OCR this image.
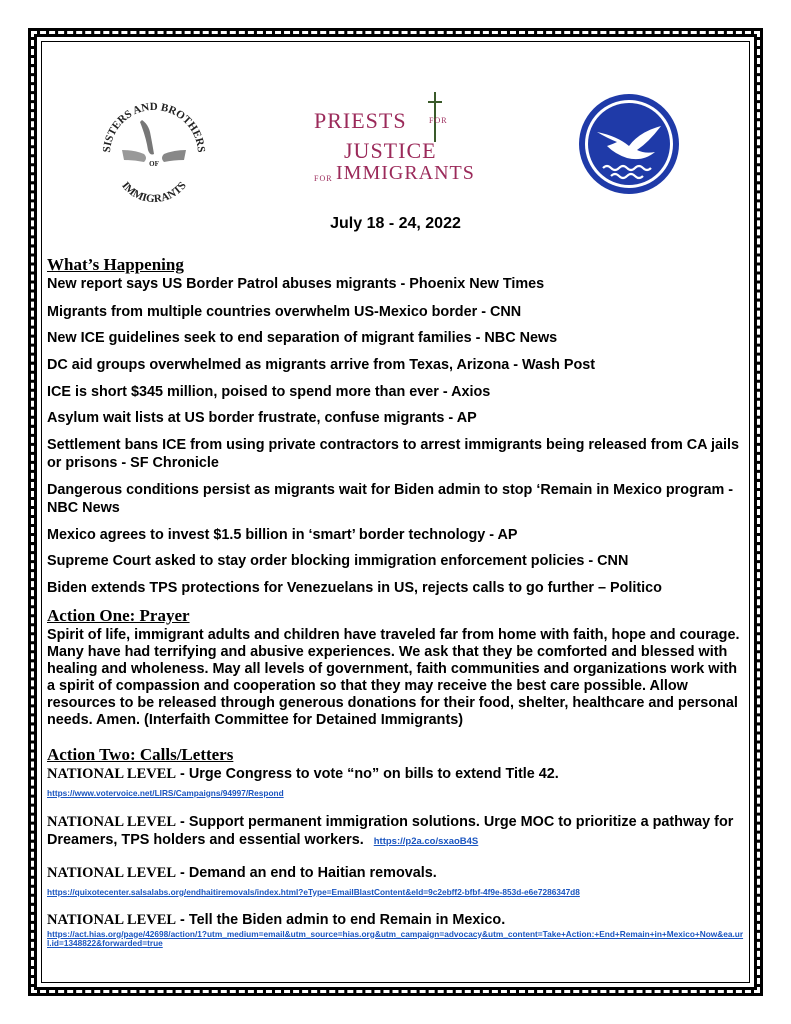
SISTERS AND BROTHERS
IMMIGRANTS
OF
PRIESTS	FOR
JUSTICE
FOR IMMIGRANTS
July 18 - 24, 2022
What’s Happening
New report says US Border Patrol abuses migrants - Phoenix New Times
Migrants from multiple countries overwhelm US-Mexico border - CNN
New ICE guidelines seek to end separation of migrant families - NBC News
DC aid groups overwhelmed as migrants arrive from Texas, Arizona - Wash Post
ICE is short $345 million, poised to spend more than ever - Axios
Asylum wait lists at US border frustrate, confuse migrants - AP
Settlement bans ICE from using private contractors to arrest immigrants being released from CA jails or prisons - SF Chronicle
Dangerous conditions persist as migrants wait for Biden admin to stop ‘Remain in Mexico program - NBC News
Mexico agrees to invest $1.5 billion in ‘smart’ border technology - AP
Supreme Court asked to stay order blocking immigration enforcement policies - CNN
Biden extends TPS protections for Venezuelans in US, rejects calls to go further – Politico
Action One: Prayer
Spirit of life, immigrant adults and children have traveled far from home with faith, hope and courage. Many have had terrifying and abusive experiences. We ask that they be comforted and blessed with healing and wholeness. May all levels of government, faith communities and organizations work with a spirit of compassion and cooperation so that they may receive the best care possible. Allow resources to be released through generous donations for their food, shelter, healthcare and personal needs. Amen. (Interfaith Committee for Detained Immigrants)
Action Two: Calls/Letters
NATIONAL LEVEL - Urge Congress to vote “no” on bills to extend Title 42.
https://www.votervoice.net/LIRS/Campaigns/94997/Respond
NATIONAL LEVEL - Support permanent immigration solutions. Urge MOC to prioritize a pathway for Dreamers, TPS holders and essential workers. https://p2a.co/sxaoB4S
NATIONAL LEVEL - Demand an end to Haitian removals.
https://quixotecenter.salsalabs.org/endhaitiremovals/index.html?eType=EmailBlastContent&eId=9c2ebff2-bfbf-4f9e-853d-e6e7286347d8
NATIONAL LEVEL - Tell the Biden admin to end Remain in Mexico.
https://act.hias.org/page/42698/action/1?utm_medium=email&utm_source=hias.org&utm_campaign=advocacy&utm_content=Take+Action:+End+Remain+in+Mexico+Now&ea.url.id=1348822&forwarded=true
